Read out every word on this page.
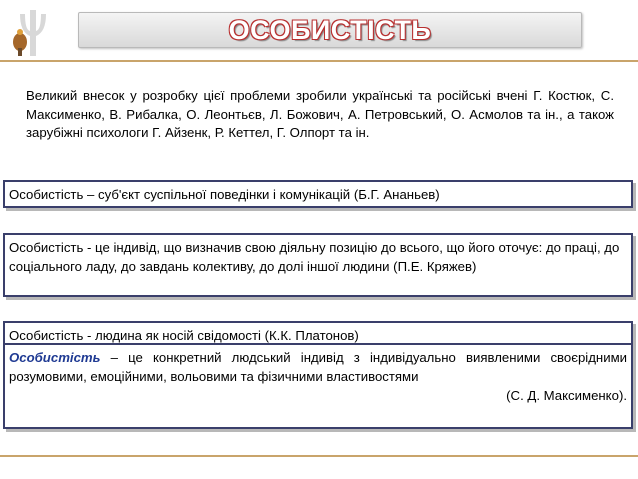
ОСОБИСТІСТЬ
Великий внесок у розробку цієї проблеми зробили українські та російські вчені Г. Костюк, С. Максименко, В. Рибалка, О. Леонтьєв, Л. Божович, А. Петровський, О. Асмолов та ін., а також зарубіжні психологи Г. Айзенк, Р. Кеттел, Г. Олпорт та ін.
Особистість – суб'єкт суспільної поведінки і комунікацій (Б.Г. Ананьев)
Особистість - це індивід, що визначив свою діяльну позицію до всього, що його оточує: до праці, до соціального ладу, до завдань колективу, до долі іншої людини (П.Е. Кряжев)
Особистість - людина як носій свідомості (К.К. Платонов)
Особистість – це конкретний людський індивід з індивідуально виявленими своєрідними розумовими, емоційними, вольовими та фізичними властивостями
(С. Д. Максименко).
